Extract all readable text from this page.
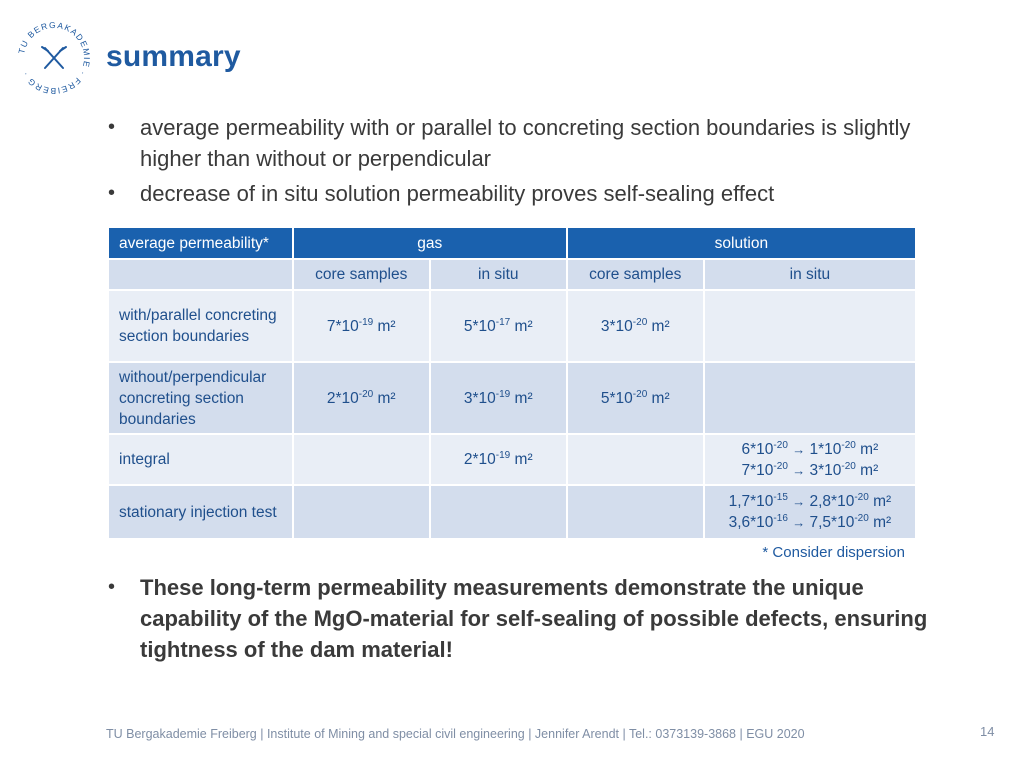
TU BERGAKADEMIE · FREIBERG ·
summary
• average permeability with or parallel to concreting section boundaries is slightly higher than without or perpendicular
• decrease of in situ solution permeability proves self-sealing effect
average permeability*	gas		solution	
	core samples	in situ	core samples	in situ
with/parallel concreting section boundaries	$7*10^{-19}$ m²	$5*10^{-17}$ m²	$3*10^{-20}$ m²	
without/perpendicular concreting section boundaries	$2*10^{-20}$ m²	$3*10^{-19}$ m²	$5*10^{-20}$ m²	
integral		$2*10^{-19}$ m²		$6*10^{-20} \to 1*10^{-20}$ m²
$7*10^{-20} \to 3*10^{-20}$ m²

stationary injection test				$1,7*10^{-15} \to 2,8*10^{-20}$ m²
$3,6*10^{-16} \to 7,5*10^{-20}$ m²
* Consider dispersion
• These long-term permeability measurements demonstrate the unique capability of the MgO-material for self-sealing of possible defects, ensuring tightness of the dam material!
TU Bergakademie Freiberg | Institute of Mining and special civil engineering | Jennifer Arendt | Tel.: 0373139-3868 | EGU 2020	14
